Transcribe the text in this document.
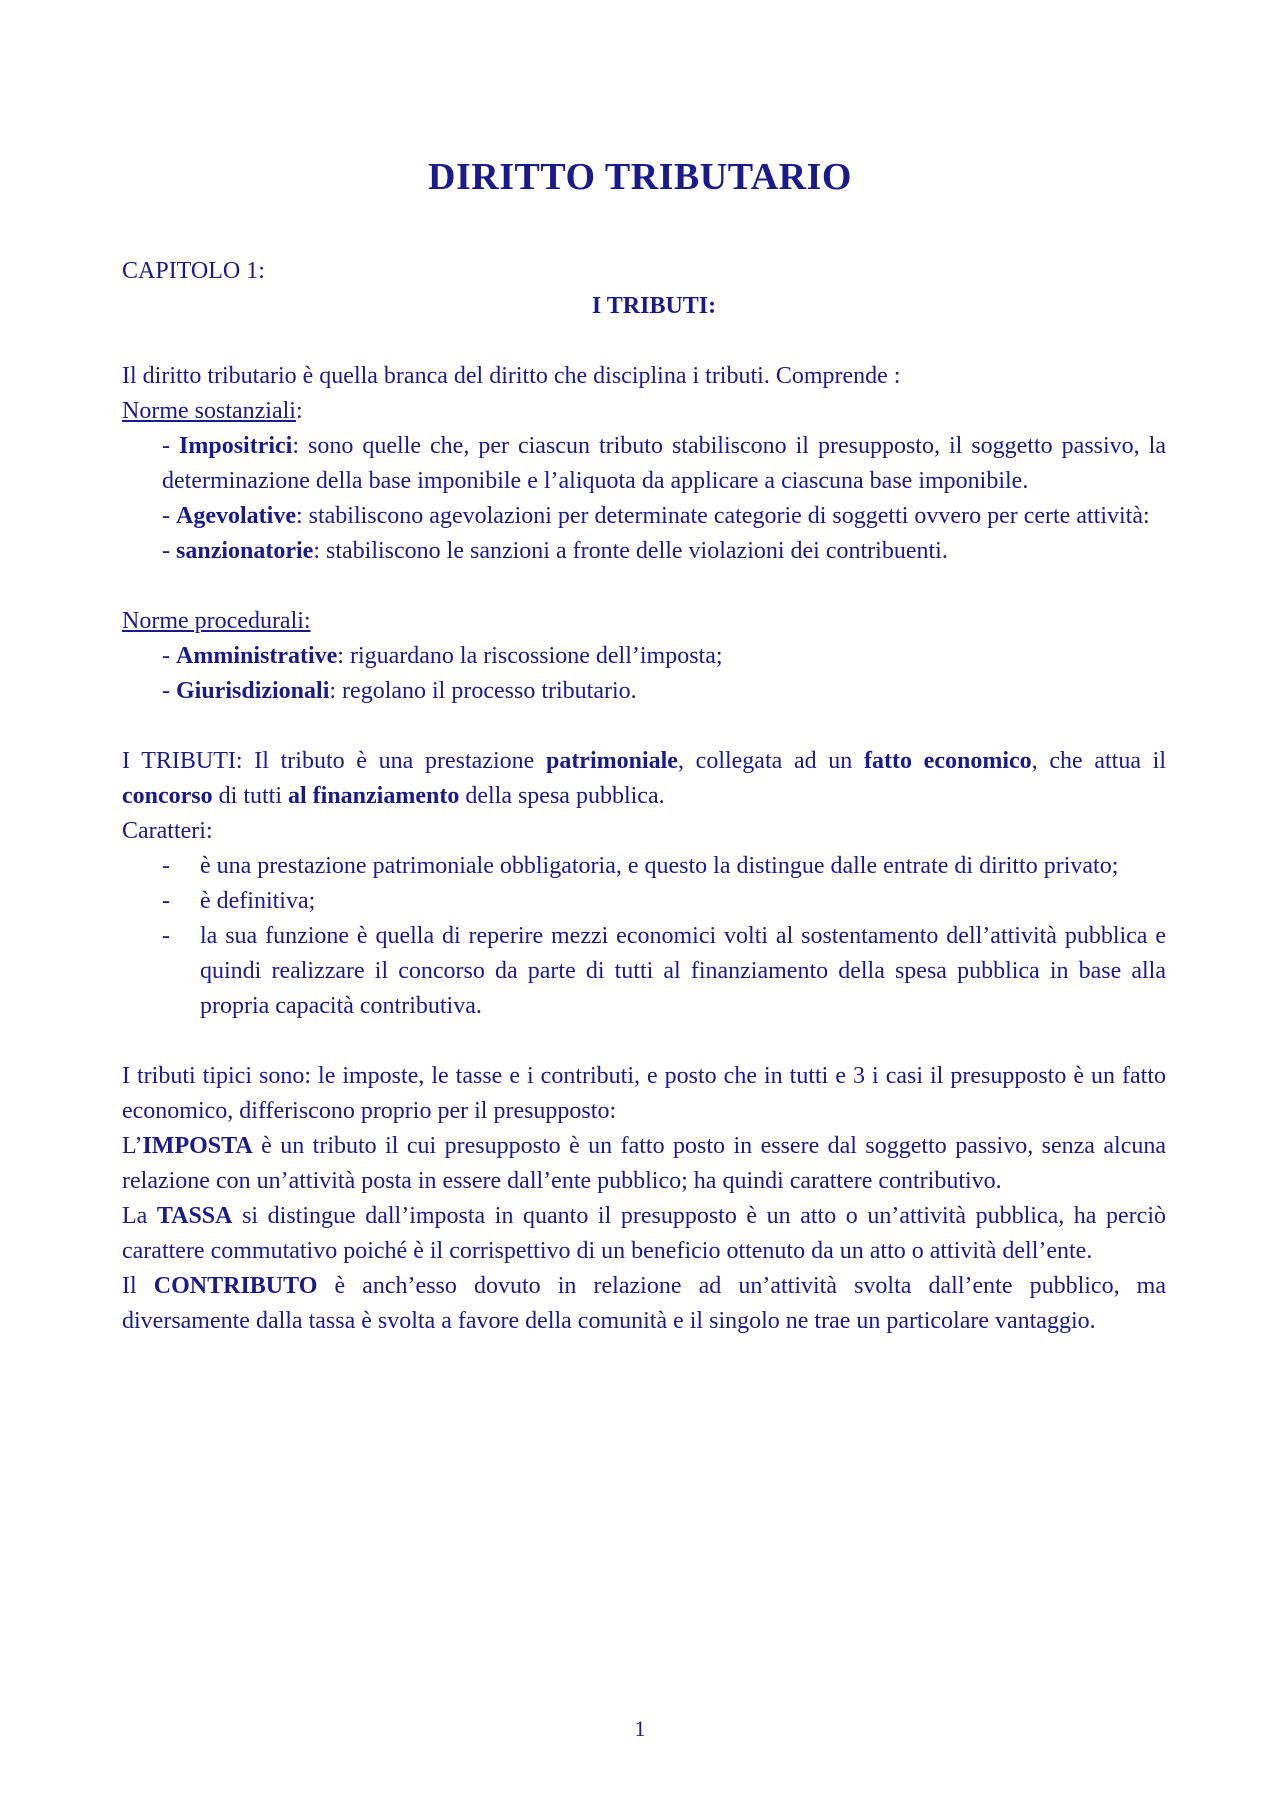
DIRITTO TRIBUTARIO

CAPITOLO 1:

I TRIBUTI:

Il diritto tributario è quella branca del diritto che disciplina i tributi. Comprende :

Norme sostanziali:

- Impositrici: sono quelle che, per ciascun tributo stabiliscono il presupposto, il soggetto passivo, la determinazione della base imponibile e l’aliquota da applicare a ciascuna base imponibile.

- Agevolative: stabiliscono agevolazioni per determinate categorie di soggetti ovvero per certe attività:

- sanzionatorie: stabiliscono le sanzioni a fronte delle violazioni dei contribuenti.

Norme procedurali:

- Amministrative: riguardano la riscossione dell’imposta;

- Giurisdizionali: regolano il processo tributario.

I TRIBUTI: Il tributo è una prestazione patrimoniale, collegata ad un fatto economico, che attua il concorso di tutti al finanziamento della spesa pubblica.

Caratteri:

- è una prestazione patrimoniale obbligatoria, e questo la distingue dalle entrate di diritto privato;
- è definitiva;
- la sua funzione è quella di reperire mezzi economici volti al sostentamento dell’attività pubblica e quindi realizzare il concorso da parte di tutti al finanziamento della spesa pubblica in base alla propria capacità contributiva.

I tributi tipici sono: le imposte, le tasse e i contributi, e posto che in tutti e 3 i casi il presupposto è un fatto economico, differiscono proprio per il presupposto:

L’IMPOSTA è un tributo il cui presupposto è un fatto posto in essere dal soggetto passivo, senza alcuna relazione con un’attività posta in essere dall’ente pubblico; ha quindi carattere contributivo.

La TASSA si distingue dall’imposta in quanto il presupposto è un atto o un’attività pubblica, ha perciò carattere commutativo poiché è il corrispettivo di un beneficio ottenuto da un atto o attività dell’ente.

Il CONTRIBUTO è anch’esso dovuto in relazione ad un’attività svolta dall’ente pubblico, ma diversamente dalla tassa è svolta a favore della comunità e il singolo ne trae un particolare vantaggio.

1
